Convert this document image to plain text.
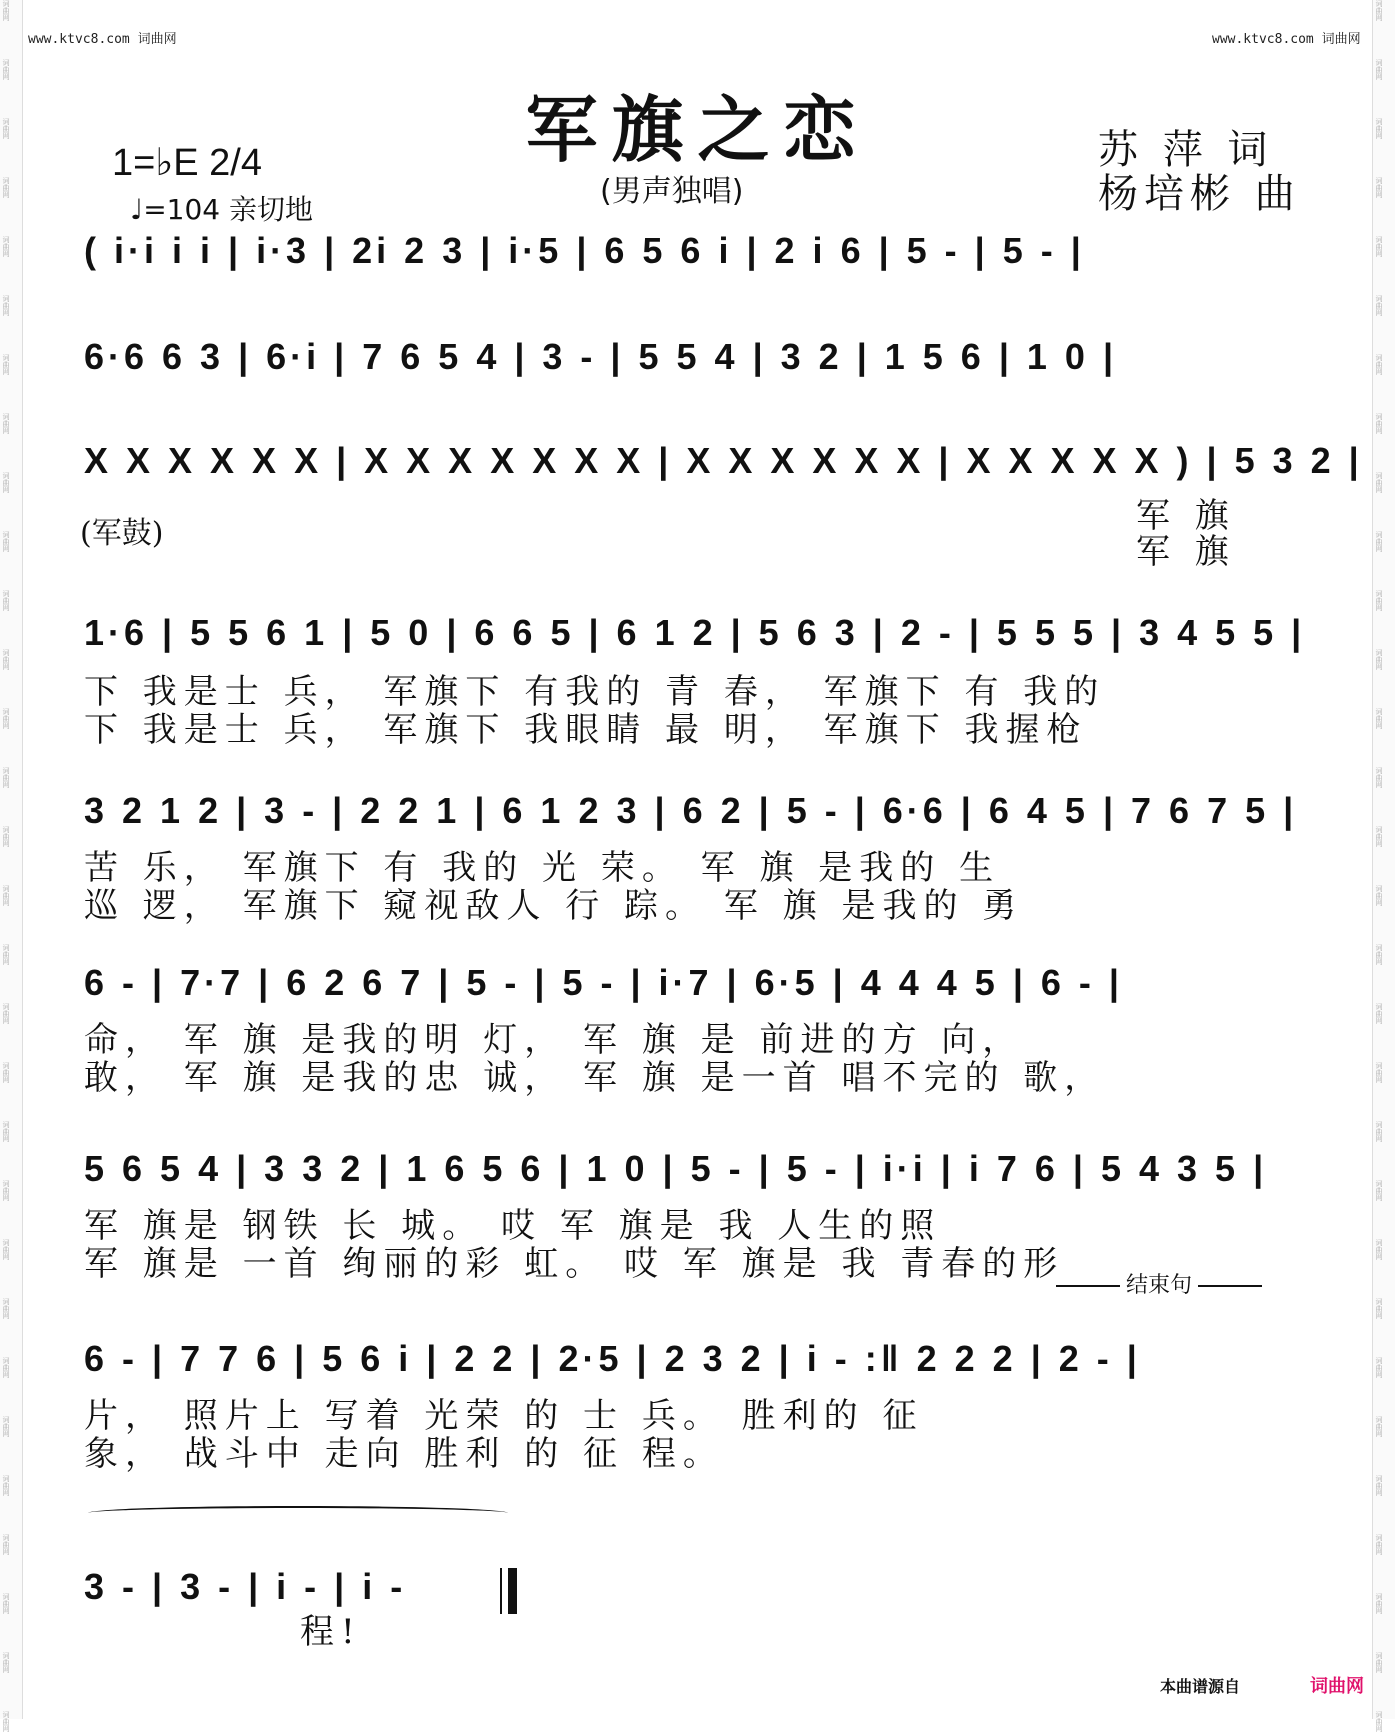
词曲网
词曲网
词曲网
词曲网
词曲网
词曲网
词曲网
词曲网
词曲网
词曲网
词曲网
词曲网
词曲网
词曲网
词曲网
词曲网
词曲网
词曲网
词曲网
词曲网
词曲网
词曲网
词曲网
词曲网
词曲网
词曲网
词曲网
词曲网
词曲网
词曲网
词曲网
词曲网
词曲网
词曲网
词曲网
词曲网
词曲网
词曲网
词曲网
词曲网
词曲网
词曲网
词曲网
词曲网
词曲网
词曲网
词曲网
词曲网
词曲网
词曲网
词曲网
词曲网
词曲网
词曲网
词曲网
词曲网
词曲网
词曲网
词曲网
词曲网
www.ktvc8.com 词曲网	www.ktvc8.com 词曲网
军旗之恋
(男声独唱)
苏 萍 词
杨培彬 曲
1=♭E 2/4
♩=104 亲切地
( i·i i i | i·3 | 2i 2 3 | i·5 | 6 5 6 i | 2 i 6 | 5 - | 5 - |
6·6 6 3 | 6·i | 7 6 5 4 | 3 - | 5 5 4 | 3 2 | 1 5 6 | 1 0 |
X X X X X X | X X X X X X X | X X X X X X | X X X X X ) | 5 3 2 |
(军鼓)	军 旗
军 旗
1·6 | 5 5 6 1 | 5 0 | 6 6 5 | 6 1 2 | 5 6 3 | 2 - | 5 5 5 | 3 4 5 5 |
下 我是士 兵， 军旗下 有我的 青 春， 军旗下 有 我的
下 我是士 兵， 军旗下 我眼睛 最 明， 军旗下 我握枪
3 2 1 2 | 3 - | 2 2 1 | 6 1 2 3 | 6 2 | 5 - | 6·6 | 6 4 5 | 7 6 7 5 |
苦 乐， 军旗下 有 我的 光 荣。 军 旗 是我的 生
巡 逻， 军旗下 窥视敌人 行 踪。 军 旗 是我的 勇
6 - | 7·7 | 6 2 6 7 | 5 - | 5 - | i·7 | 6·5 | 4 4 4 5 | 6 - |
命， 军 旗 是我的明 灯， 军 旗 是 前进的方 向，
敢， 军 旗 是我的忠 诚， 军 旗 是一首 唱不完的 歌，
5 6 5 4 | 3 3 2 | 1 6 5 6 | 1 0 | 5 - | 5 - | i·i | i 7 6 | 5 4 3 5 |
军 旗是 钢铁 长 城。 哎 军 旗是 我 人生的照
军 旗是 一首 绚丽的彩 虹。 哎 军 旗是 我 青春的形
结束句
6 - | 7 7 6 | 5 6 i | 2 2 | 2·5 | 2 3 2 | i - :‖ 2 2 2 | 2 - |
片， 照片上 写着 光荣 的 士 兵。 胜利的 征
象， 战斗中 走向 胜利 的 征 程。
3 - | 3 - | i - | i -
程!
本曲谱源自	词曲网
